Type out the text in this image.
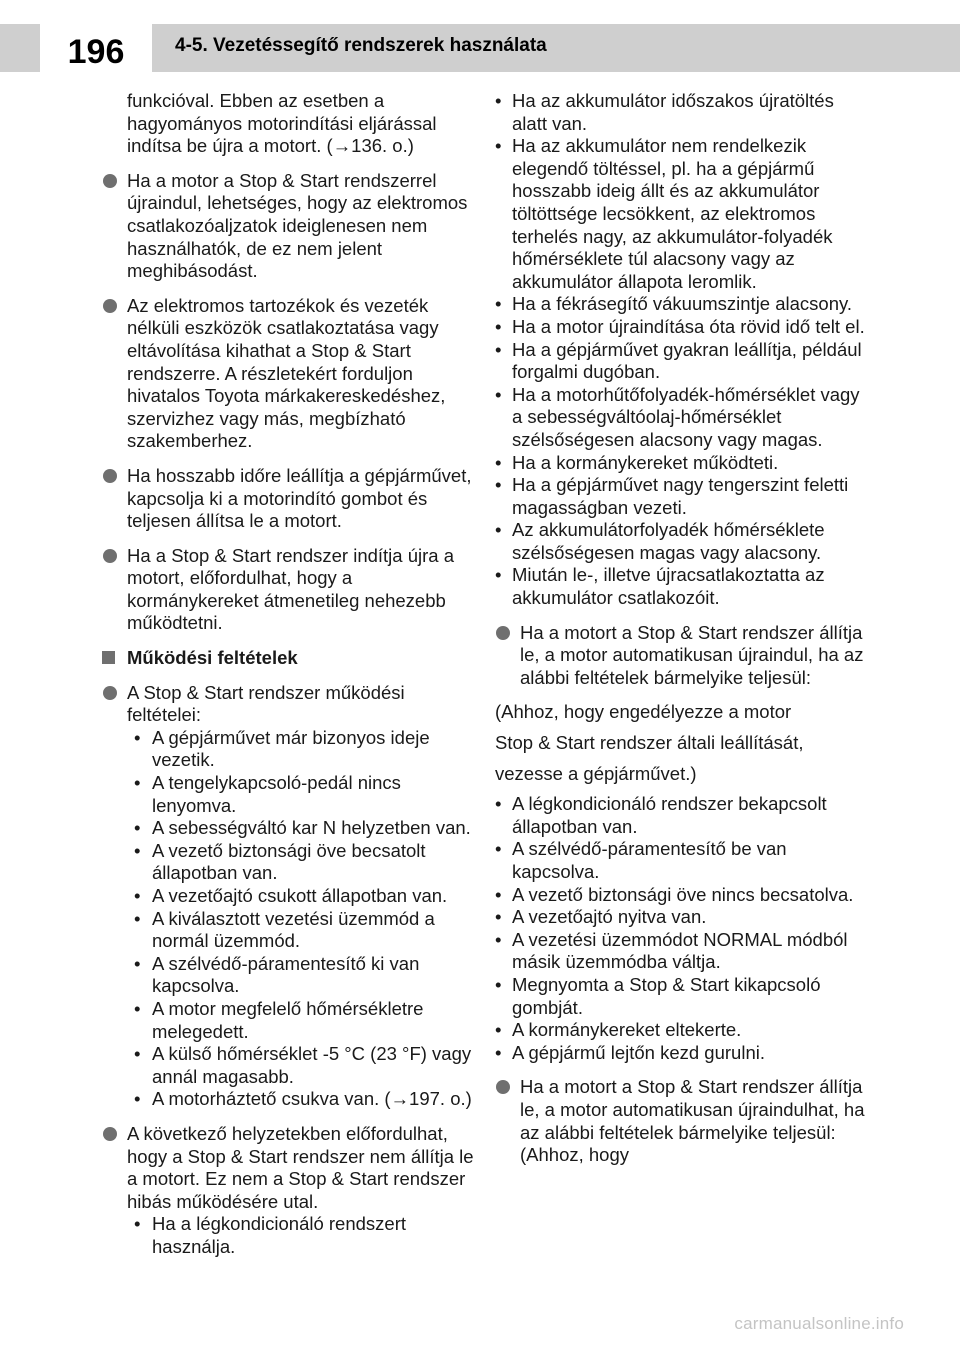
196	4-5. Vezetéssegítő rendszerek használata

funkcióval. Ebben az esetben a hagyományos motorindítási eljárással indítsa be újra a motort. (→136. o.)

Ha a motor a Stop & Start rendszerrel újraindul, lehetséges, hogy az elektromos csatlakozóaljzatok ideiglenesen nem használhatók, de ez nem jelent meghibásodást.
Az elektromos tartozékok és vezeték nélküli eszközök csatlakoztatása vagy eltávolítása kihathat a Stop & Start rendszerre. A részletekért forduljon hivatalos Toyota márkakereskedéshez, szervizhez vagy más, megbízható szakemberhez.
Ha hosszabb időre leállítja a gépjárművet, kapcsolja ki a motorindító gombot és teljesen állítsa le a motort.
Ha a Stop & Start rendszer indítja újra a motort, előfordulhat, hogy a kormánykereket átmenetileg nehezebb működtetni.
Működési feltételek
A Stop & Start rendszer működési feltételei:
• A gépjárművet már bizonyos ideje vezetik.
• A tengelykapcsoló-pedál nincs lenyomva.
• A sebességváltó kar N helyzetben van.
• A vezető biztonsági öve becsatolt állapotban van.
• A vezetőajtó csukott állapotban van.
• A kiválasztott vezetési üzemmód a normál üzemmód.
• A szélvédő-páramentesítő ki van kapcsolva.
• A motor megfelelő hőmérsékletre melegedett.
• A külső hőmérséklet -5 °C (23 °F) vagy annál magasabb.
• A motorháztető csukva van. (→197. o.)
A következő helyzetekben előfordulhat, hogy a Stop & Start rendszer nem állítja le a motort. Ez nem a Stop & Start rendszer hibás működésére utal.
• Ha a légkondicionáló rendszert használja.
• Ha az akkumulátor időszakos újratöltés alatt van.
• Ha az akkumulátor nem rendelkezik elegendő töltéssel, pl. ha a gépjármű hosszabb ideig állt és az akkumulátor töltöttsége lecsökkent, az elektromos terhelés nagy, az akkumulátor-folyadék hőmérséklete túl alacsony vagy az akkumulátor állapota leromlik.
• Ha a fékrásegítő vákuumszintje alacsony.
• Ha a motor újraindítása óta rövid idő telt el.
• Ha a gépjárművet gyakran leállítja, például forgalmi dugóban.
• Ha a motorhűtőfolyadék-hőmérséklet vagy a sebességváltóolaj-hőmérséklet szélsőségesen alacsony vagy magas.
• Ha a kormánykereket működteti.
• Ha a gépjárművet nagy tengerszint feletti magasságban vezeti.
• Az akkumulátorfolyadék hőmérséklete szélsőségesen magas vagy alacsony.
• Miután le-, illetve újracsatlakoztatta az akkumulátor csatlakozóit.
Ha a motort a Stop & Start rendszer állítja le, a motor automatikusan újraindul, ha az alábbi feltételek bármelyike teljesül:

(Ahhoz, hogy engedélyezze a motor

Stop & Start rendszer általi leállítását,

vezesse a gépjárművet.)

• A légkondicionáló rendszer bekapcsolt állapotban van.
• A szélvédő-páramentesítő be van kapcsolva.
• A vezető biztonsági öve nincs becsatolva.
• A vezetőajtó nyitva van.
• A vezetési üzemmódot NORMAL módból másik üzemmódba váltja.
• Megnyomta a Stop & Start kikapcsoló gombját.
• A kormánykereket eltekerte.
• A gépjármű lejtőn kezd gurulni.
Ha a motort a Stop & Start rendszer állítja le, a motor automatikusan újraindulhat, ha az alábbi feltételek bármelyike teljesül: (Ahhoz, hogy
carmanualsonline.info
